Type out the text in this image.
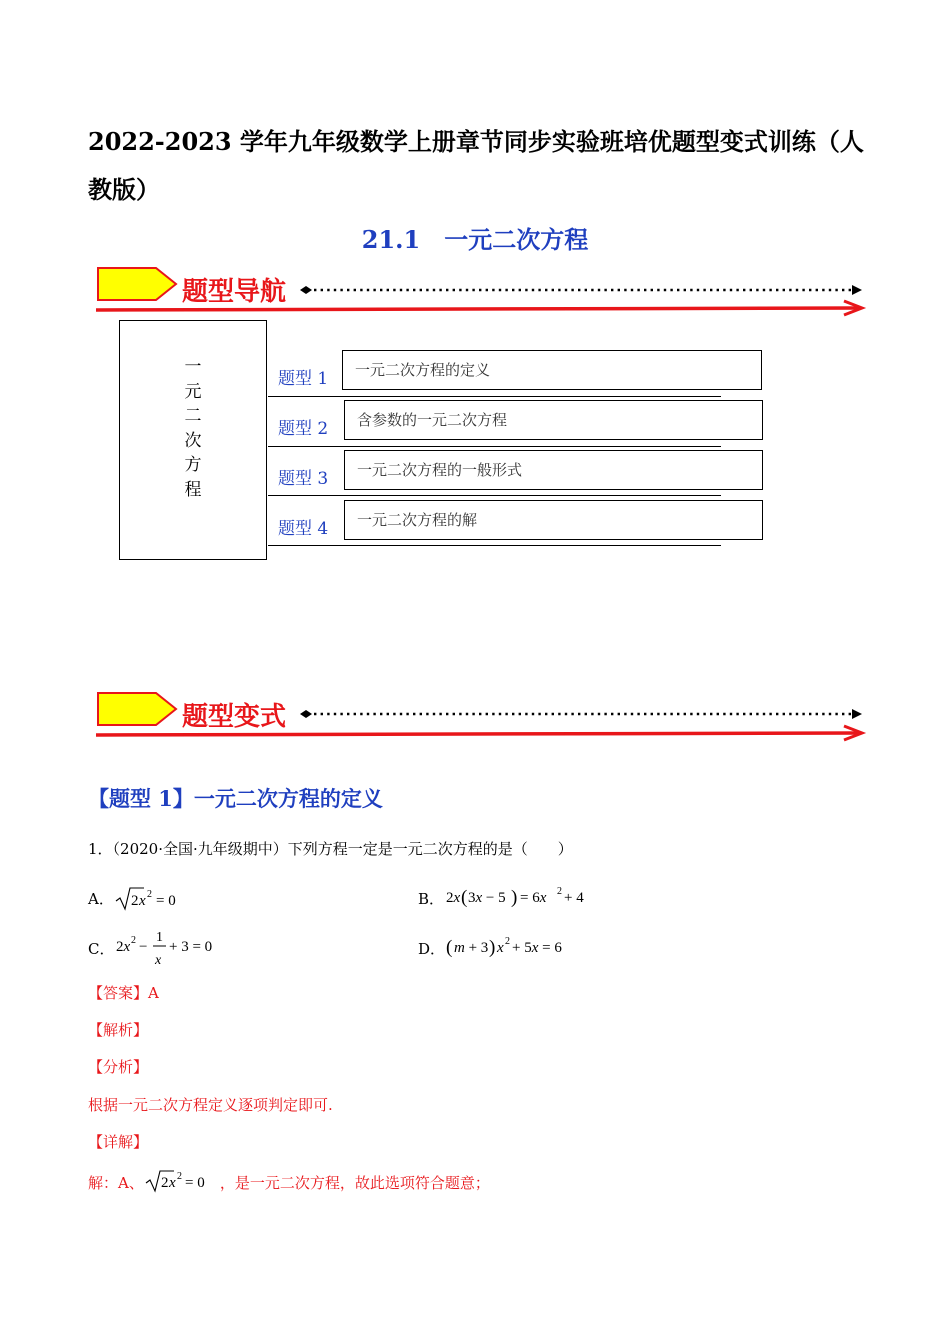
2022-2023 学年九年级数学上册章节同步实验班培优题型变式训练（人教版）
21.1　一元二次方程
题型导航
一
元
二
次
方
程
题型 1	一元二次方程的定义
题型 2	含参数的一元二次方程
题型 3	一元二次方程的一般形式
题型 4	一元二次方程的解
题型变式
【题型 1】一元二次方程的定义
1．（2020·全国·九年级期中）下列方程一定是一元二次方程的是（　　）
A． 2 x 2 = 0	B． 2x ( 3x − 5 ) = 6x 2 + 4
C． 2x 2 −
1
x
+ 3 = 0	D． ( m + 3 ) x 2 + 5x = 6
【答案】A
【解析】
【分析】
根据一元二次方程定义逐项判定即可.
【详解】
解：A、 2 x 2 = 0 ，是一元二次方程，故此选项符合题意；
